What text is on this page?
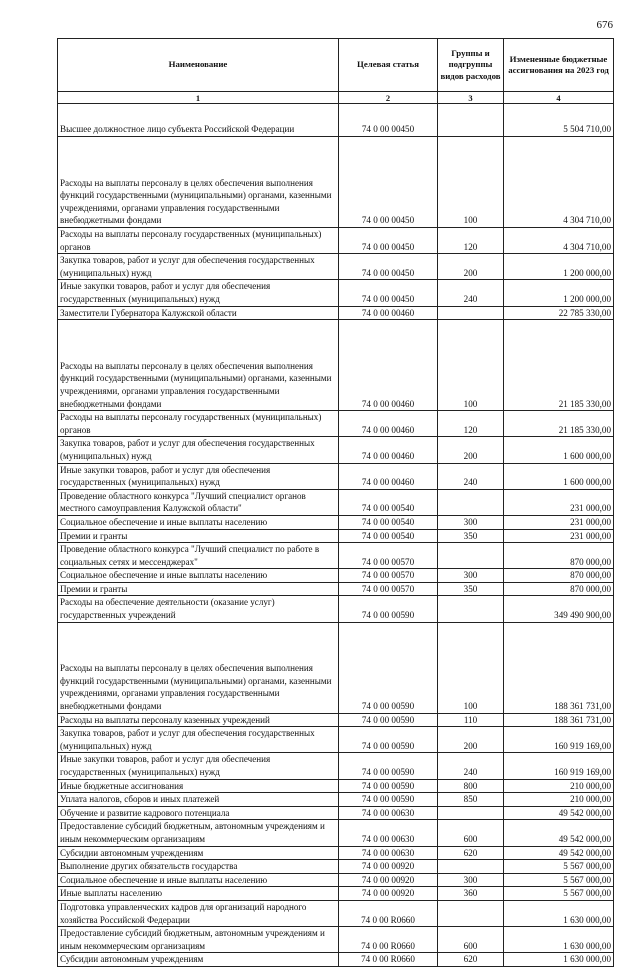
676
Наименование	Целевая статья	Группы и подгруппы видов расходов	Измененные бюджетные ассигнования на 2023 год
1	2	3	4
Высшее должностное лицо субъекта Российской Федерации	74 0 00 00450		5 504 710,00
Расходы на выплаты персоналу в целях обеспечения выполнения функций государственными (муниципальными) органами, казенными учреждениями, органами управления государственными внебюджетными фондами	74 0 00 00450	100	4 304 710,00
Расходы на выплаты персоналу государственных (муниципальных) органов	74 0 00 00450	120	4 304 710,00
Закупка товаров, работ и услуг для обеспечения государственных (муниципальных) нужд	74 0 00 00450	200	1 200 000,00
Иные закупки товаров, работ и услуг для обеспечения государственных (муниципальных) нужд	74 0 00 00450	240	1 200 000,00
Заместители Губернатора Калужской области	74 0 00 00460		22 785 330,00
Расходы на выплаты персоналу в целях обеспечения выполнения функций государственными (муниципальными) органами, казенными учреждениями, органами управления государственными внебюджетными фондами	74 0 00 00460	100	21 185 330,00
Расходы на выплаты персоналу государственных (муниципальных) органов	74 0 00 00460	120	21 185 330,00
Закупка товаров, работ и услуг для обеспечения государственных (муниципальных) нужд	74 0 00 00460	200	1 600 000,00
Иные закупки товаров, работ и услуг для обеспечения государственных (муниципальных) нужд	74 0 00 00460	240	1 600 000,00
Проведение областного конкурса "Лучший специалист органов местного самоуправления Калужской области"	74 0 00 00540		231 000,00
Социальное обеспечение и иные выплаты населению	74 0 00 00540	300	231 000,00
Премии и гранты	74 0 00 00540	350	231 000,00
Проведение областного конкурса "Лучший специалист по работе в социальных сетях и мессенджерах"	74 0 00 00570		870 000,00
Социальное обеспечение и иные выплаты населению	74 0 00 00570	300	870 000,00
Премии и гранты	74 0 00 00570	350	870 000,00
Расходы на обеспечение деятельности (оказание услуг) государственных учреждений	74 0 00 00590		349 490 900,00
Расходы на выплаты персоналу в целях обеспечения выполнения функций государственными (муниципальными) органами, казенными учреждениями, органами управления государственными внебюджетными фондами	74 0 00 00590	100	188 361 731,00
Расходы на выплаты персоналу казенных учреждений	74 0 00 00590	110	188 361 731,00
Закупка товаров, работ и услуг для обеспечения государственных (муниципальных) нужд	74 0 00 00590	200	160 919 169,00
Иные закупки товаров, работ и услуг для обеспечения государственных (муниципальных) нужд	74 0 00 00590	240	160 919 169,00
Иные бюджетные ассигнования	74 0 00 00590	800	210 000,00
Уплата налогов, сборов и иных платежей	74 0 00 00590	850	210 000,00
Обучение и развитие кадрового потенциала	74 0 00 00630		49 542 000,00
Предоставление субсидий бюджетным, автономным учреждениям и иным некоммерческим организациям	74 0 00 00630	600	49 542 000,00
Субсидии автономным учреждениям	74 0 00 00630	620	49 542 000,00
Выполнение других обязательств государства	74 0 00 00920		5 567 000,00
Социальное обеспечение и иные выплаты населению	74 0 00 00920	300	5 567 000,00
Иные выплаты населению	74 0 00 00920	360	5 567 000,00
Подготовка управленческих кадров для организаций народного хозяйства Российской Федерации	74 0 00 R0660		1 630 000,00
Предоставление субсидий бюджетным, автономным учреждениям и иным некоммерческим организациям	74 0 00 R0660	600	1 630 000,00
Субсидии автономным учреждениям	74 0 00 R0660	620	1 630 000,00
